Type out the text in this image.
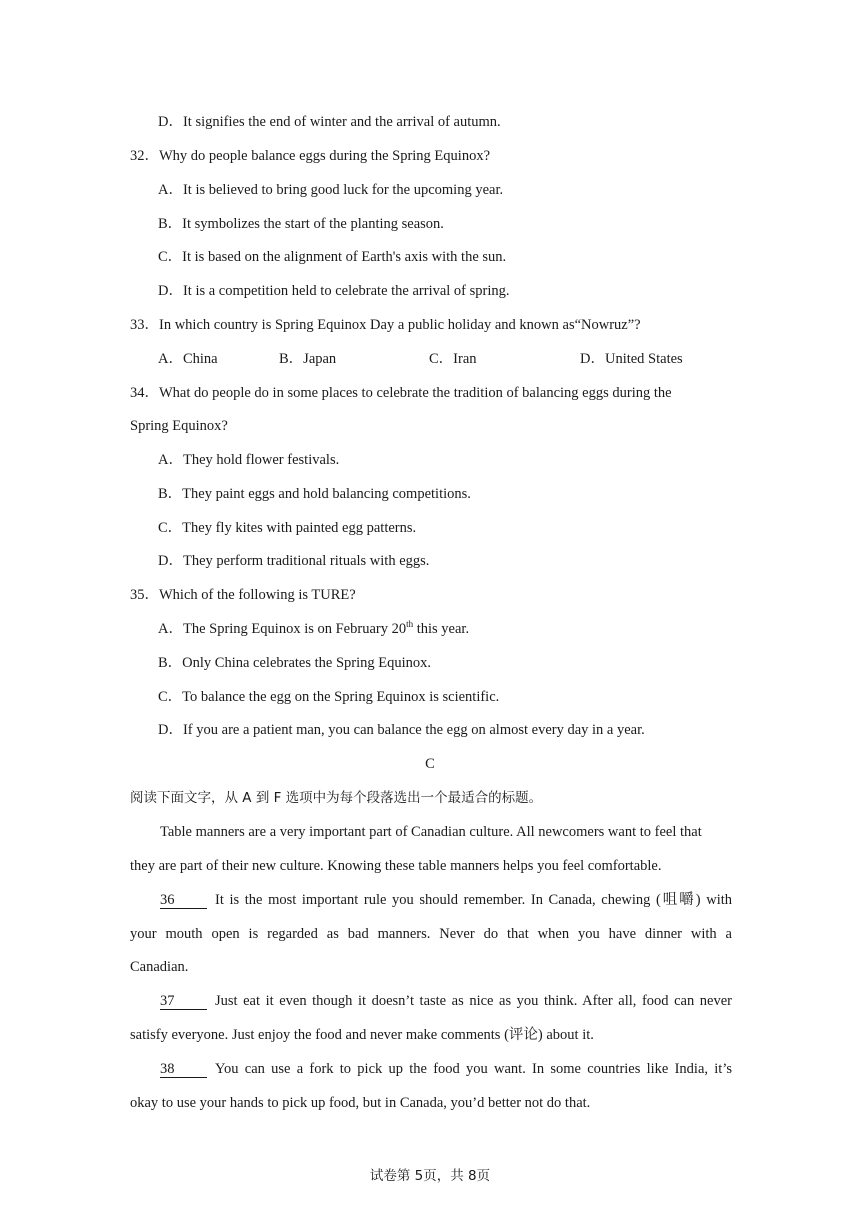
D．It signifies the end of winter and the arrival of autumn.
32．Why do people balance eggs during the Spring Equinox?
A．It is believed to bring good luck for the upcoming year.
B．It symbolizes the start of the planting season.
C．It is based on the alignment of Earth's axis with the sun.
D．It is a competition held to celebrate the arrival of spring.
33．In which country is Spring Equinox Day a public holiday and known as“Nowruz”?
A．China	B．Japan	C．Iran	D．United States
34．What do people do in some places to celebrate the tradition of balancing eggs during the
Spring Equinox?
A．They hold flower festivals.
B．They paint eggs and hold balancing competitions.
C．They fly kites with painted egg patterns.
D．They perform traditional rituals with eggs.
35．Which of the following is TURE?
A．The Spring Equinox is on February 20th this year.
B．Only China celebrates the Spring Equinox.
C．To balance the egg on the Spring Equinox is scientific.
D．If you are a patient man, you can balance the egg on almost every day in a year.
C
阅读下面文字，从 A 到 F 选项中为每个段落选出一个最适合的标题。
Table manners are a very important part of Canadian culture. All newcomers want to feel that
they are part of their new culture. Knowing these table manners helps you feel comfortable.
36	It is the most important rule you should remember. In Canada, chewing (咀嚼) with
your mouth open is regarded as bad manners. Never do that when you have dinner with a
Canadian.
37	Just eat it even though it doesn’t taste as nice as you think. After all, food can never
satisfy everyone. Just enjoy the food and never make comments (评论) about it.
38	You can use a fork to pick up the food you want. In some countries like India, it’s
okay to use your hands to pick up food, but in Canada, you’d better not do that.
试卷第 5页，共 8页
